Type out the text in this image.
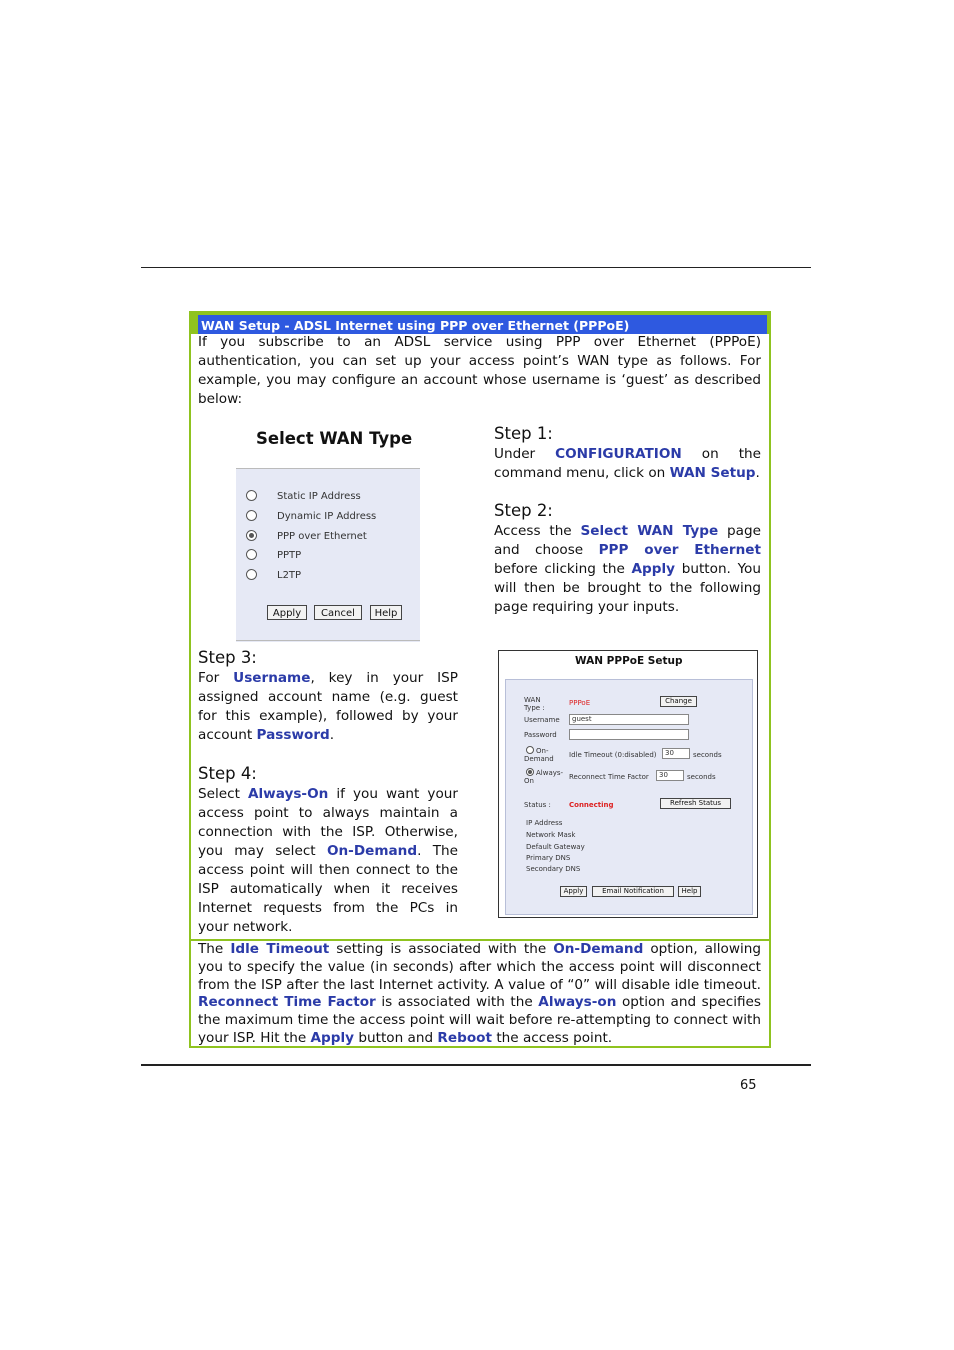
WAN Setup - ADSL Internet using PPP over Ethernet (PPPoE)
If you subscribe to an ADSL service using PPP over Ethernet (PPPoE) authentication, you can set up your access point’s WAN type as follows. For example, you may configure an account whose username is ‘guest’ as described below:
Step 1:
Under CONFIGURATION on the command menu, click on WAN Setup.
Step 2:
Access the Select WAN Type page and choose PPP over Ethernet before clicking the Apply button. You will then be brought to the following page requiring your inputs.
Select WAN Type
Static IP Address
Dynamic IP Address
PPP over Ethernet
PPTP
L2TP
Apply	Cancel	Help
Step 3:
For Username, key in your ISP assigned account name (e.g. guest for this example), followed by your account Password.
Step 4:
Select Always-On if you want your access point to always maintain a connection with the ISP. Otherwise, you may select On-Demand. The access point will then connect to the ISP automatically when it receives Internet requests from the PCs in your network.
WAN PPPoE Setup
WAN
Type :
PPPoE	Change
Username	guest
Password
On-
Demand Idle Timeout (0:disabled)	30	seconds
Always-
On	Reconnect Time Factor	30	seconds
Status :	Connecting	Refresh Status
IP Address
Network Mask
Default Gateway
Primary DNS
Secondary DNS
Apply	Email Notification	Help
The Idle Timeout setting is associated with the On-Demand option, allowing you to specify the value (in seconds) after which the access point will disconnect from the ISP after the last Internet activity. A value of “0” will disable idle timeout. Reconnect Time Factor is associated with the Always-on option and specifies the maximum time the access point will wait before re-attempting to connect with your ISP. Hit the Apply button and Reboot the access point.
65
